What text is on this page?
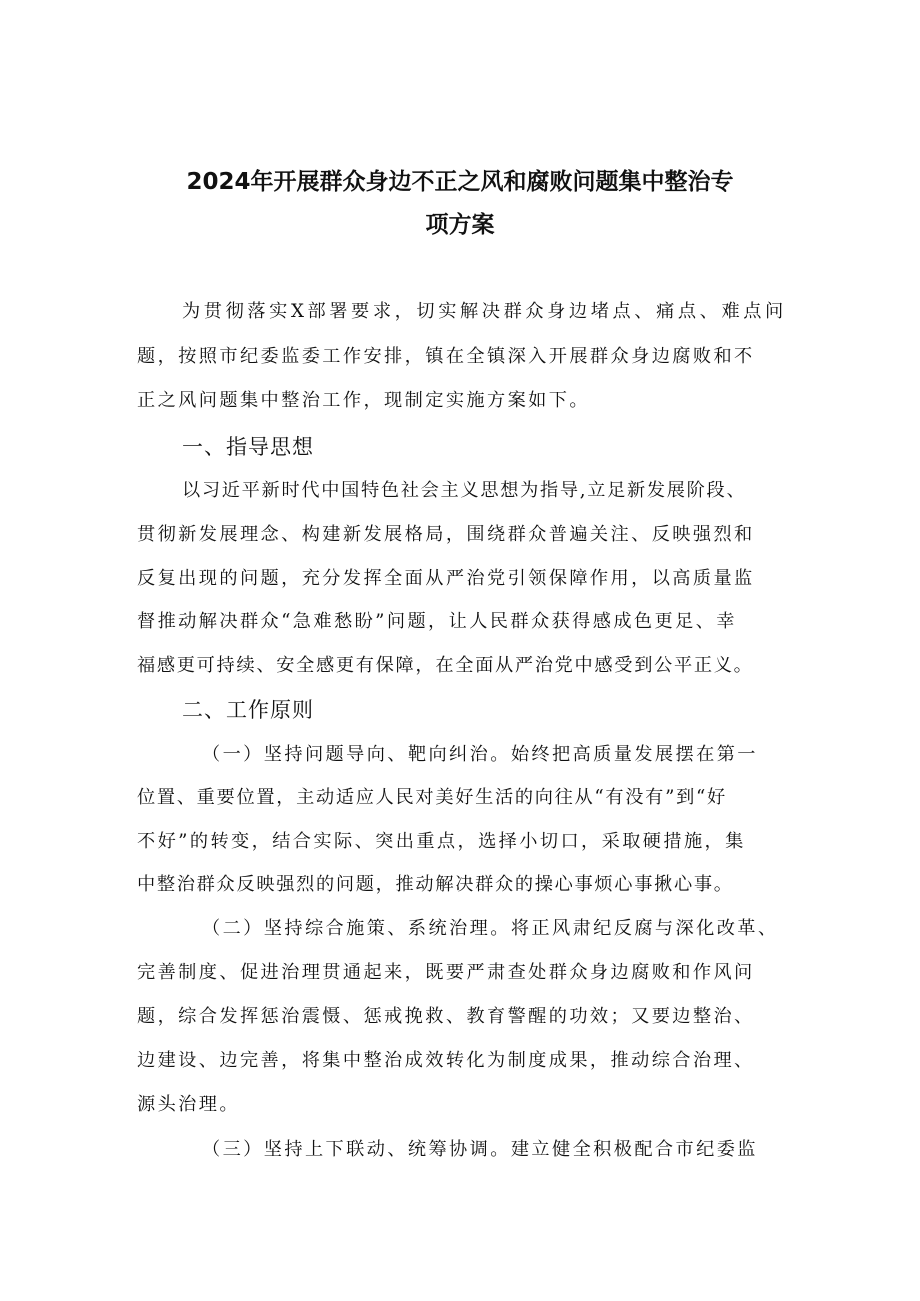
2024年开展群众身边不正之风和腐败问题集中整治专
项方案
为贯彻落实X部署要求，切实解决群众身边堵点、痛点、难点问
题，按照市纪委监委工作安排，镇在全镇深入开展群众身边腐败和不
正之风问题集中整治工作，现制定实施方案如下。
一、指导思想
以习近平新时代中国特色社会主义思想为指导,立足新发展阶段、
贯彻新发展理念、构建新发展格局，围绕群众普遍关注、反映强烈和
反复出现的问题，充分发挥全面从严治党引领保障作用，以高质量监
督推动解决群众“急难愁盼”问题，让人民群众获得感成色更足、幸
福感更可持续、安全感更有保障，在全面从严治党中感受到公平正义。
二、工作原则
（一）坚持问题导向、靶向纠治。始终把高质量发展摆在第一
位置、重要位置，主动适应人民对美好生活的向往从“有没有”到“好
不好”的转变，结合实际、突出重点，选择小切口，采取硬措施，集
中整治群众反映强烈的问题，推动解决群众的操心事烦心事揪心事。
（二）坚持综合施策、系统治理。将正风肃纪反腐与深化改革、
完善制度、促进治理贯通起来，既要严肃查处群众身边腐败和作风问
题，综合发挥惩治震慑、惩戒挽救、教育警醒的功效；又要边整治、
边建设、边完善，将集中整治成效转化为制度成果，推动综合治理、
源头治理。
（三）坚持上下联动、统筹协调。建立健全积极配合市纪委监
